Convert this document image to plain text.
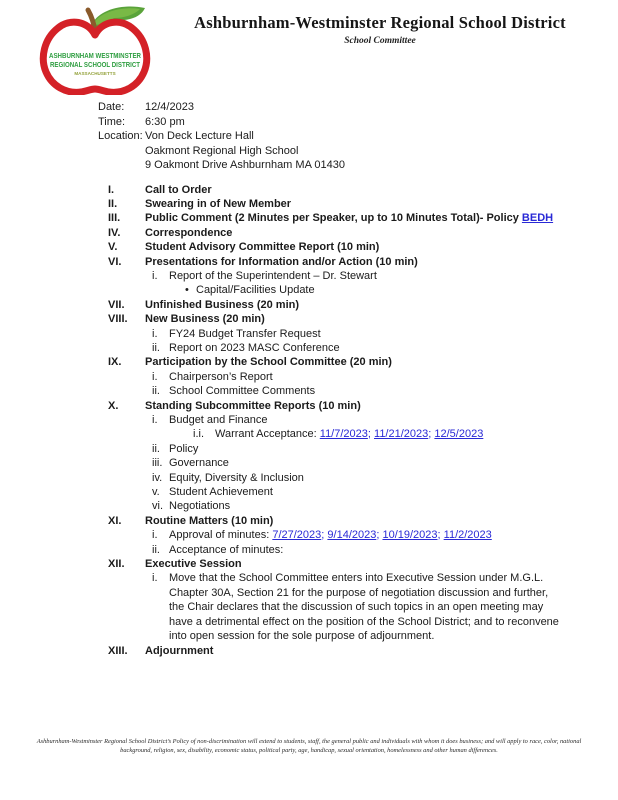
ASHBURNHAM WESTMINSTER
REGIONAL SCHOOL DISTRICT
MASSACHUSETTS
Ashburnham-Westminster Regional School District
School Committee
Date:	12/4/2023
Time:	6:30 pm
Location: Von Deck Lecture Hall
Oakmont Regional High School
9 Oakmont Drive Ashburnham MA 01430
I.	Call to Order
II.	Swearing in of New Member
III.	Public Comment (2 Minutes per Speaker, up to 10 Minutes Total)- Policy BEDH
IV.	Correspondence
V.	Student Advisory Committee Report (10 min)
VI.	Presentations for Information and/or Action (10 min)
i.	Report of the Superintendent – Dr. Stewart
• Capital/Facilities Update
VII.	Unfinished Business (20 min)
VIII.	New Business (20 min)
i.	FY24 Budget Transfer Request
ii. Report on 2023 MASC Conference
IX.	Participation by the School Committee (20 min)
i.	Chairperson’s Report
ii. School Committee Comments
X.	Standing Subcommittee Reports (10 min)
i.	Budget and Finance
i.i.	Warrant Acceptance: 11/7/2023; 11/21/2023; 12/5/2023
ii. Policy
iii. Governance
iv. Equity, Diversity & Inclusion
v. Student Achievement
vi. Negotiations
XI.	Routine Matters (10 min)
i.	Approval of minutes: 7/27/2023; 9/14/2023; 10/19/2023; 11/2/2023
ii. Acceptance of minutes:
XII.	Executive Session
i.	Move that the School Committee enters into Executive Session under M.G.L. Chapter 30A, Section 21 for the purpose of negotiation discussion and further, the Chair declares that the discussion of such topics in an open meeting may have a detrimental effect on the position of the School District; and to reconvene into open session for the sole purpose of adjournment.
XIII.	Adjournment
Ashburnham-Westminster Regional School District’s Policy of non-discrimination will extend to students, staff, the general public and individuals with whom it does business; and will apply to race, color, national
background, religion, sex, disability, economic status, political party, age, handicap, sexual orientation, homelessness and other human differences.
